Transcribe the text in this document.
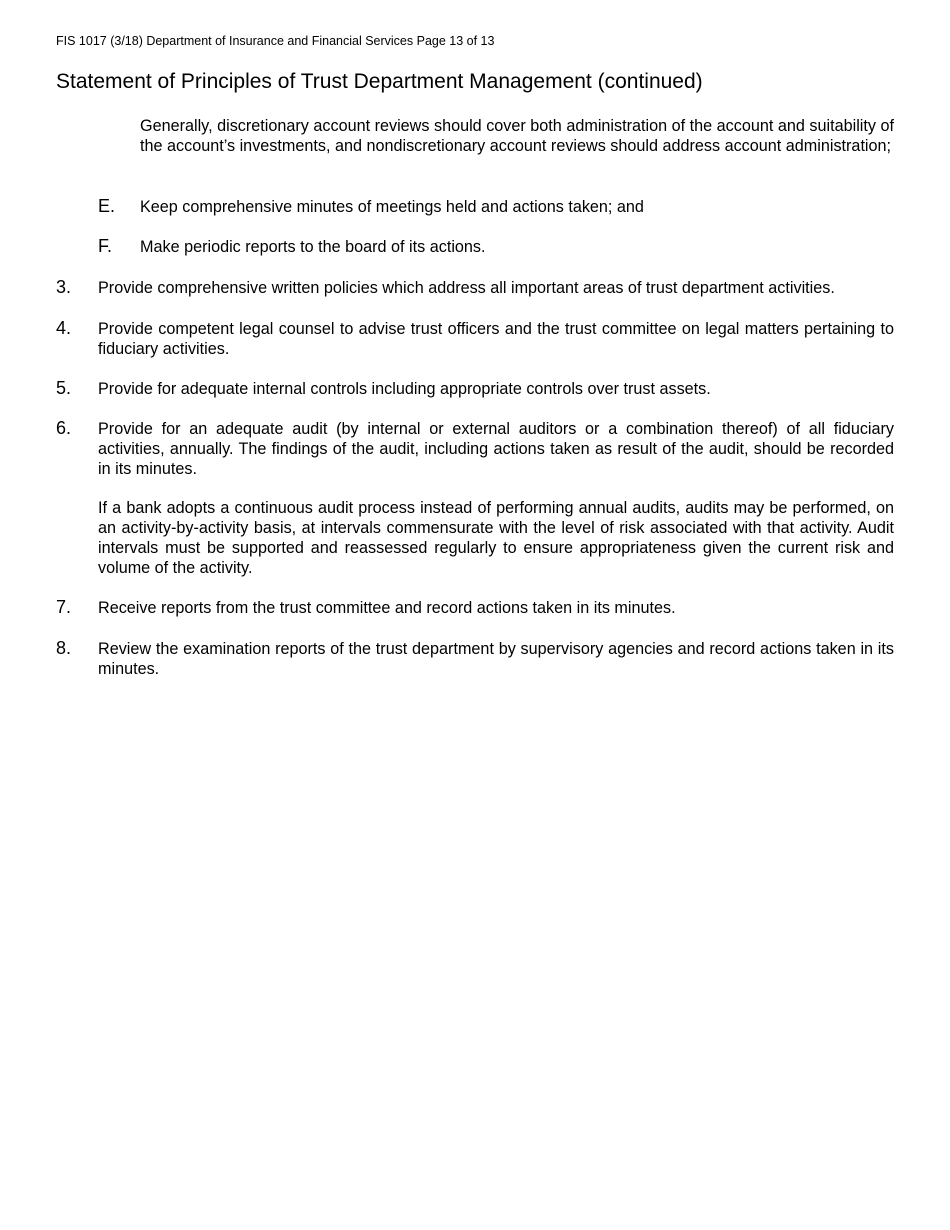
FIS 1017 (3/18) Department of Insurance and Financial Services Page 13 of 13
Statement of Principles of Trust Department Management (continued)

Generally, discretionary account reviews should cover both administration of the account and suitability of the account’s investments, and nondiscretionary account reviews should address account administration;

E. Keep comprehensive minutes of meetings held and actions taken; and

F. Make periodic reports to the board of its actions.

3. Provide comprehensive written policies which address all important areas of trust department activities.

4. Provide competent legal counsel to advise trust officers and the trust committee on legal matters pertaining to fiduciary activities.

5. Provide for adequate internal controls including appropriate controls over trust assets.

6. Provide for an adequate audit (by internal or external auditors or a combination thereof) of all fiduciary activities, annually. The findings of the audit, including actions taken as result of the audit, should be recorded in its minutes.

If a bank adopts a continuous audit process instead of performing annual audits, audits may be performed, on an activity-by-activity basis, at intervals commensurate with the level of risk associated with that activity. Audit intervals must be supported and reassessed regularly to ensure appropriateness given the current risk and volume of the activity.

7. Receive reports from the trust committee and record actions taken in its minutes.

8. Review the examination reports of the trust department by supervisory agencies and record actions taken in its minutes.
